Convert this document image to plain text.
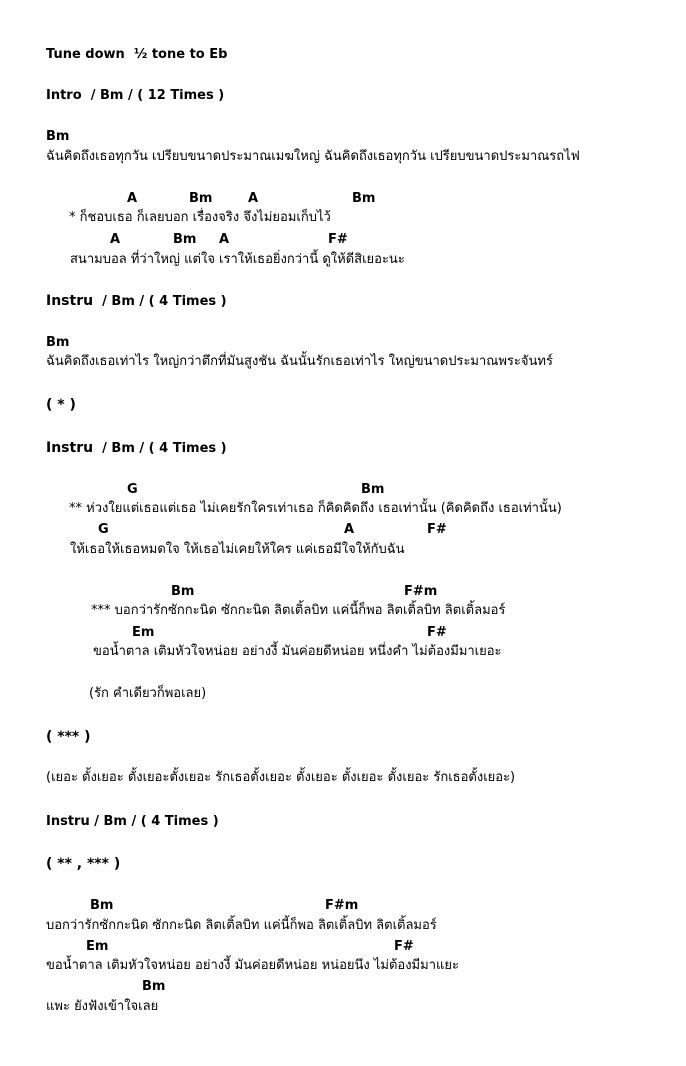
Tune down  ½ tone to Eb
Intro  / Bm / ( 12 Times )
Bm
ฉันคิดถึงเธอทุกวัน เปรียบขนาดประมาณเมฆใหญ่ ฉันคิดถึงเธอทุกวัน เปรียบขนาดประมาณรถไฟ
A	Bm	A	Bm
* ก็ชอบเธอ ก็เลยบอก เรื่องจริง จึงไม่ยอมเก็บไว้
A	Bm A	F#
สนามบอล ที่ว่าใหญ่ แต่ใจ เราให้เธอยิ่งกว่านี้ ดูให้ดีสิเยอะนะ
Instru  / Bm / ( 4 Times )
Bm
ฉันคิดถึงเธอเท่าไร ใหญ่กว่าตึกที่มันสูงชัน ฉันนั้นรักเธอเท่าไร ใหญ่ขนาดประมาณพระจันทร์
( * )
Instru  / Bm / ( 4 Times )
G	Bm
** ห่วงใยแต่เธอแต่เธอ ไม่เคยรักใครเท่าเธอ ก็คิดคิดถึง เธอเท่านั้น (คิดคิดถึง เธอเท่านั้น)
G	A	F#
ให้เธอให้เธอหมดใจ ให้เธอไม่เคยให้ใคร แค่เธอมีใจให้กับฉัน
Bm	F#m
*** บอกว่ารักซักกะนิด ซักกะนิด ลิตเติ้ลบิท แค่นี้ก็พอ ลิตเติ้ลบิท ลิตเติ้ลมอร์
Em	F#
ขอน้ำตาล เติมหัวใจหน่อย อย่างงี้ มันค่อยดีหน่อย หนึ่งคำ ไม่ต้องมีมาเยอะ
(รัก คำเดียวก็พอเลย)
( *** )
(เยอะ ตั้งเยอะ ตั้งเยอะตั้งเยอะ รักเธอตั้งเยอะ ตั้งเยอะ ตั้งเยอะ ตั้งเยอะ รักเธอตั้งเยอะ)
Instru / Bm / ( 4 Times )
( ** , *** )
Bm	F#m
บอกว่ารักซักกะนิด ซักกะนิด ลิตเติ้ลบิท แค่นี้ก็พอ ลิตเติ้ลบิท ลิตเติ้ลมอร์
Em	F#
ขอน้ำตาล เติมหัวใจหน่อย อย่างงี้ มันค่อยดีหน่อย หน่อยนึง ไม่ต้องมีมาแยะ
Bm
แพะ ยังฟังเข้าใจเลย
